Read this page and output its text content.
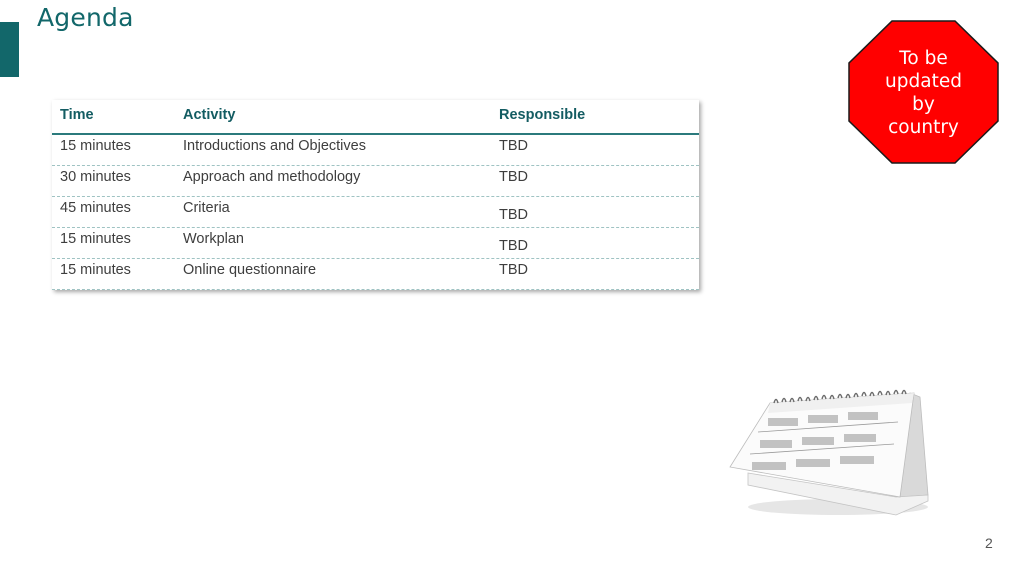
Agenda
Time	Activity	Responsible
15 minutes	Introductions and Objectives	TBD
30 minutes	Approach and methodology	TBD
45 minutes	Criteria	TBD
15 minutes	Workplan	TBD
15 minutes	Online questionnaire	TBD
To be
updated
by
country
2
